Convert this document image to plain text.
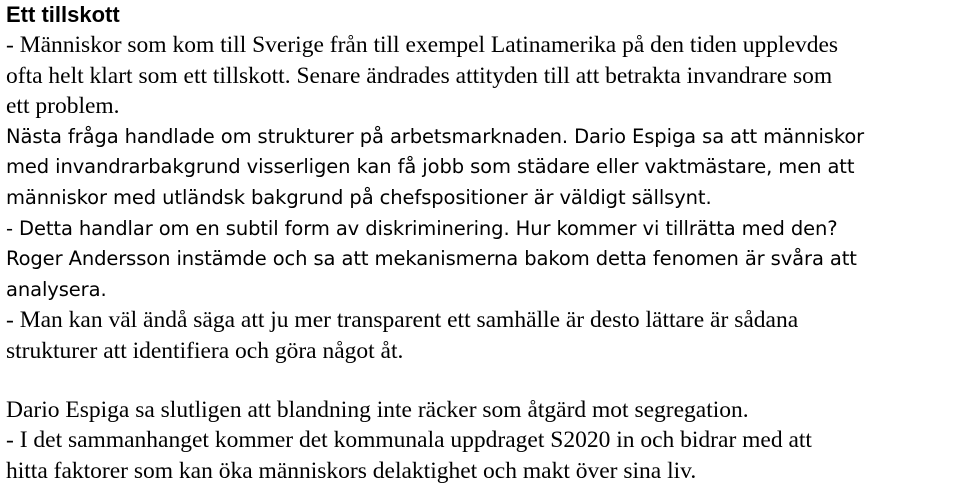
Ett tillskott
- Människor som kom till Sverige från till exempel Latinamerika på den tiden upplevdes
ofta helt klart som ett tillskott. Senare ändrades attityden till att betrakta invandrare som
ett problem.
Nästa fråga handlade om strukturer på arbetsmarknaden. Dario Espiga sa att människor
med invandrarbakgrund visserligen kan få jobb som städare eller vaktmästare, men att
människor med utländsk bakgrund på chefspositioner är väldigt sällsynt.
- Detta handlar om en subtil form av diskriminering. Hur kommer vi tillrätta med den?
Roger Andersson instämde och sa att mekanismerna bakom detta fenomen är svåra att
analysera.
- Man kan väl ändå säga att ju mer transparent ett samhälle är desto lättare är sådana
strukturer att identifiera och göra något åt.
Dario Espiga sa slutligen att blandning inte räcker som åtgärd mot segregation.
- I det sammanhanget kommer det kommunala uppdraget S2020 in och bidrar med att
hitta faktorer som kan öka människors delaktighet och makt över sina liv.
